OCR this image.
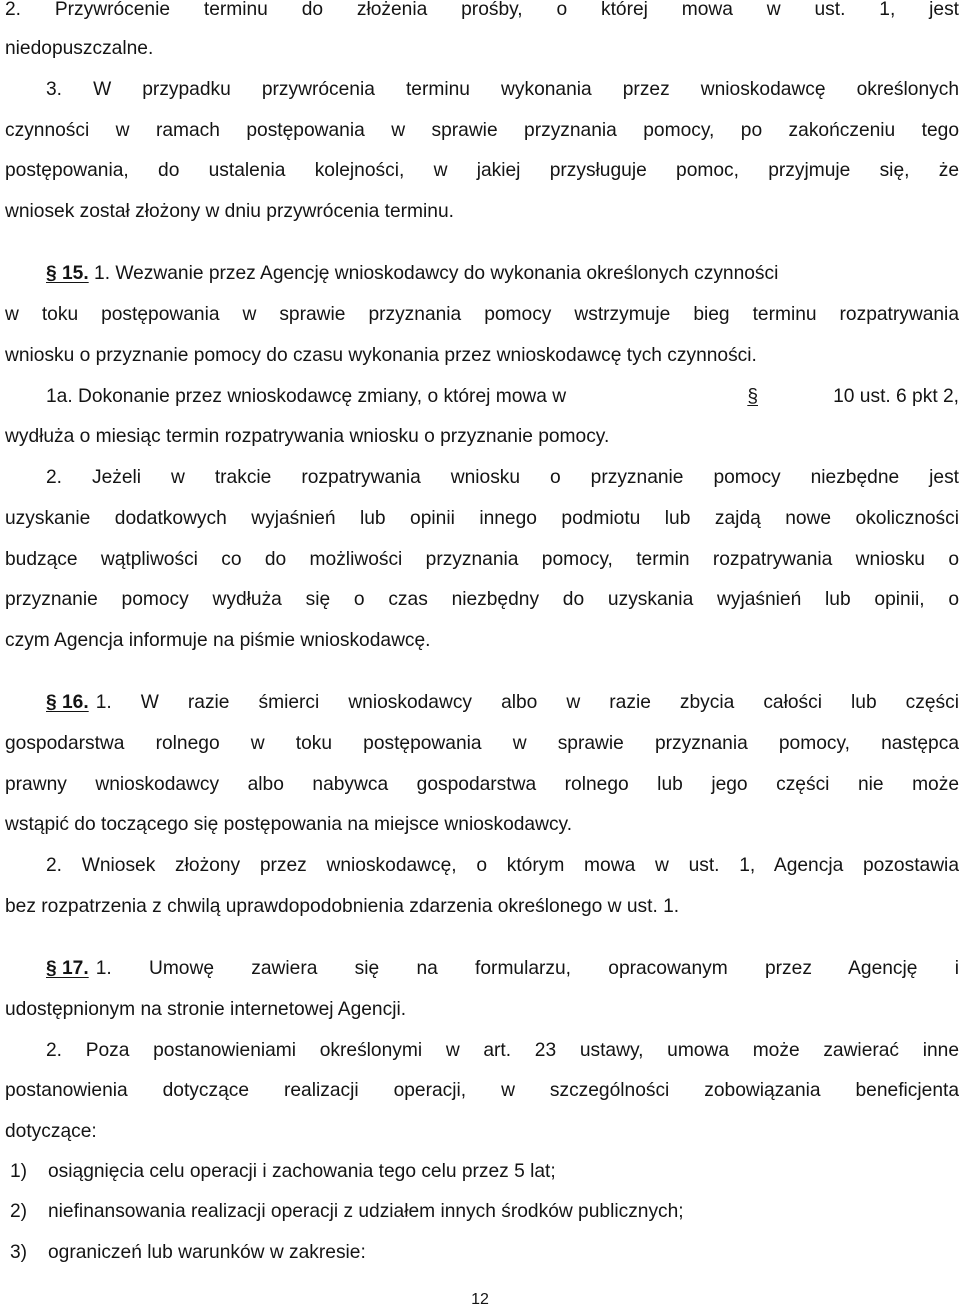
2. Przywrócenie terminu do złożenia prośby, o której mowa w ust. 1, jest
niedopuszczalne.
3. W przypadku przywrócenia terminu wykonania przez wnioskodawcę określonych
czynności w ramach postępowania w sprawie przyznania pomocy, po zakończeniu tego
postępowania, do ustalenia kolejności, w jakiej przysługuje pomoc, przyjmuje się, że
wniosek został złożony w dniu przywrócenia terminu.
§ 15. 1. Wezwanie przez Agencję wnioskodawcy do wykonania określonych czynności
w toku postępowania w sprawie przyznania pomocy wstrzymuje bieg terminu rozpatrywania
wniosku o przyznanie pomocy do czasu wykonania przez wnioskodawcę tych czynności.
1a. Dokonanie przez wnioskodawcę zmiany, o której mowa w	§	10 ust. 6 pkt 2,
wydłuża o miesiąc termin rozpatrywania wniosku o przyznanie pomocy.
2. Jeżeli w trakcie rozpatrywania wniosku o przyznanie pomocy niezbędne jest
uzyskanie dodatkowych wyjaśnień lub opinii innego podmiotu lub zajdą nowe okoliczności
budzące wątpliwości co do możliwości przyznania pomocy, termin rozpatrywania wniosku o
przyznanie pomocy wydłuża się o czas niezbędny do uzyskania wyjaśnień lub opinii, o
czym Agencja informuje na piśmie wnioskodawcę.
§ 16. 1. W razie śmierci wnioskodawcy albo w razie zbycia całości lub części
gospodarstwa rolnego w toku postępowania w sprawie przyznania pomocy, następca
prawny wnioskodawcy albo nabywca gospodarstwa rolnego lub jego części nie może
wstąpić do toczącego się postępowania na miejsce wnioskodawcy.
2. Wniosek złożony przez wnioskodawcę, o którym mowa w ust. 1, Agencja pozostawia
bez rozpatrzenia z chwilą uprawdopodobnienia zdarzenia określonego w ust. 1.
§ 17. 1. Umowę zawiera się na formularzu, opracowanym przez Agencję i
udostępnionym na stronie internetowej Agencji.
2. Poza postanowieniami określonymi w art. 23 ustawy, umowa może zawierać inne
postanowienia dotyczące realizacji operacji, w szczególności zobowiązania beneficjenta
dotyczące:
1) osiągnięcia celu operacji i zachowania tego celu przez 5 lat;
2) niefinansowania realizacji operacji z udziałem innych środków publicznych;
3) ograniczeń lub warunków w zakresie:
12
